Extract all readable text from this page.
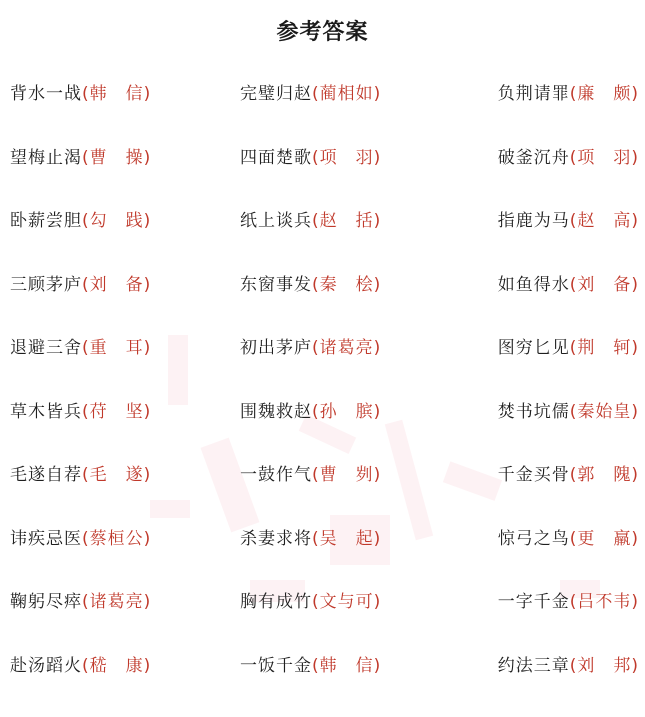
参考答案
背水一战(韩　信)	完璧归赵(蔺相如)	负荆请罪(廉　颇)
望梅止渴(曹　操)	四面楚歌(项　羽)	破釜沉舟(项　羽)
卧薪尝胆(勾　践)	纸上谈兵(赵　括)	指鹿为马(赵　高)
三顾茅庐(刘　备)	东窗事发(秦　桧)	如鱼得水(刘　备)
退避三舍(重　耳)	初出茅庐(诸葛亮)	图穷匕见(荆　轲)
草木皆兵(苻　坚)	围魏救赵(孙　膑)	焚书坑儒(秦始皇)
毛遂自荐(毛　遂)	一鼓作气(曹　刿)	千金买骨(郭　隗)
讳疾忌医(蔡桓公)	杀妻求将(吴　起)	惊弓之鸟(更　羸)
鞠躬尽瘁(诸葛亮)	胸有成竹(文与可)	一字千金(吕不韦)
赴汤蹈火(嵇　康)	一饭千金(韩　信)	约法三章(刘　邦)
